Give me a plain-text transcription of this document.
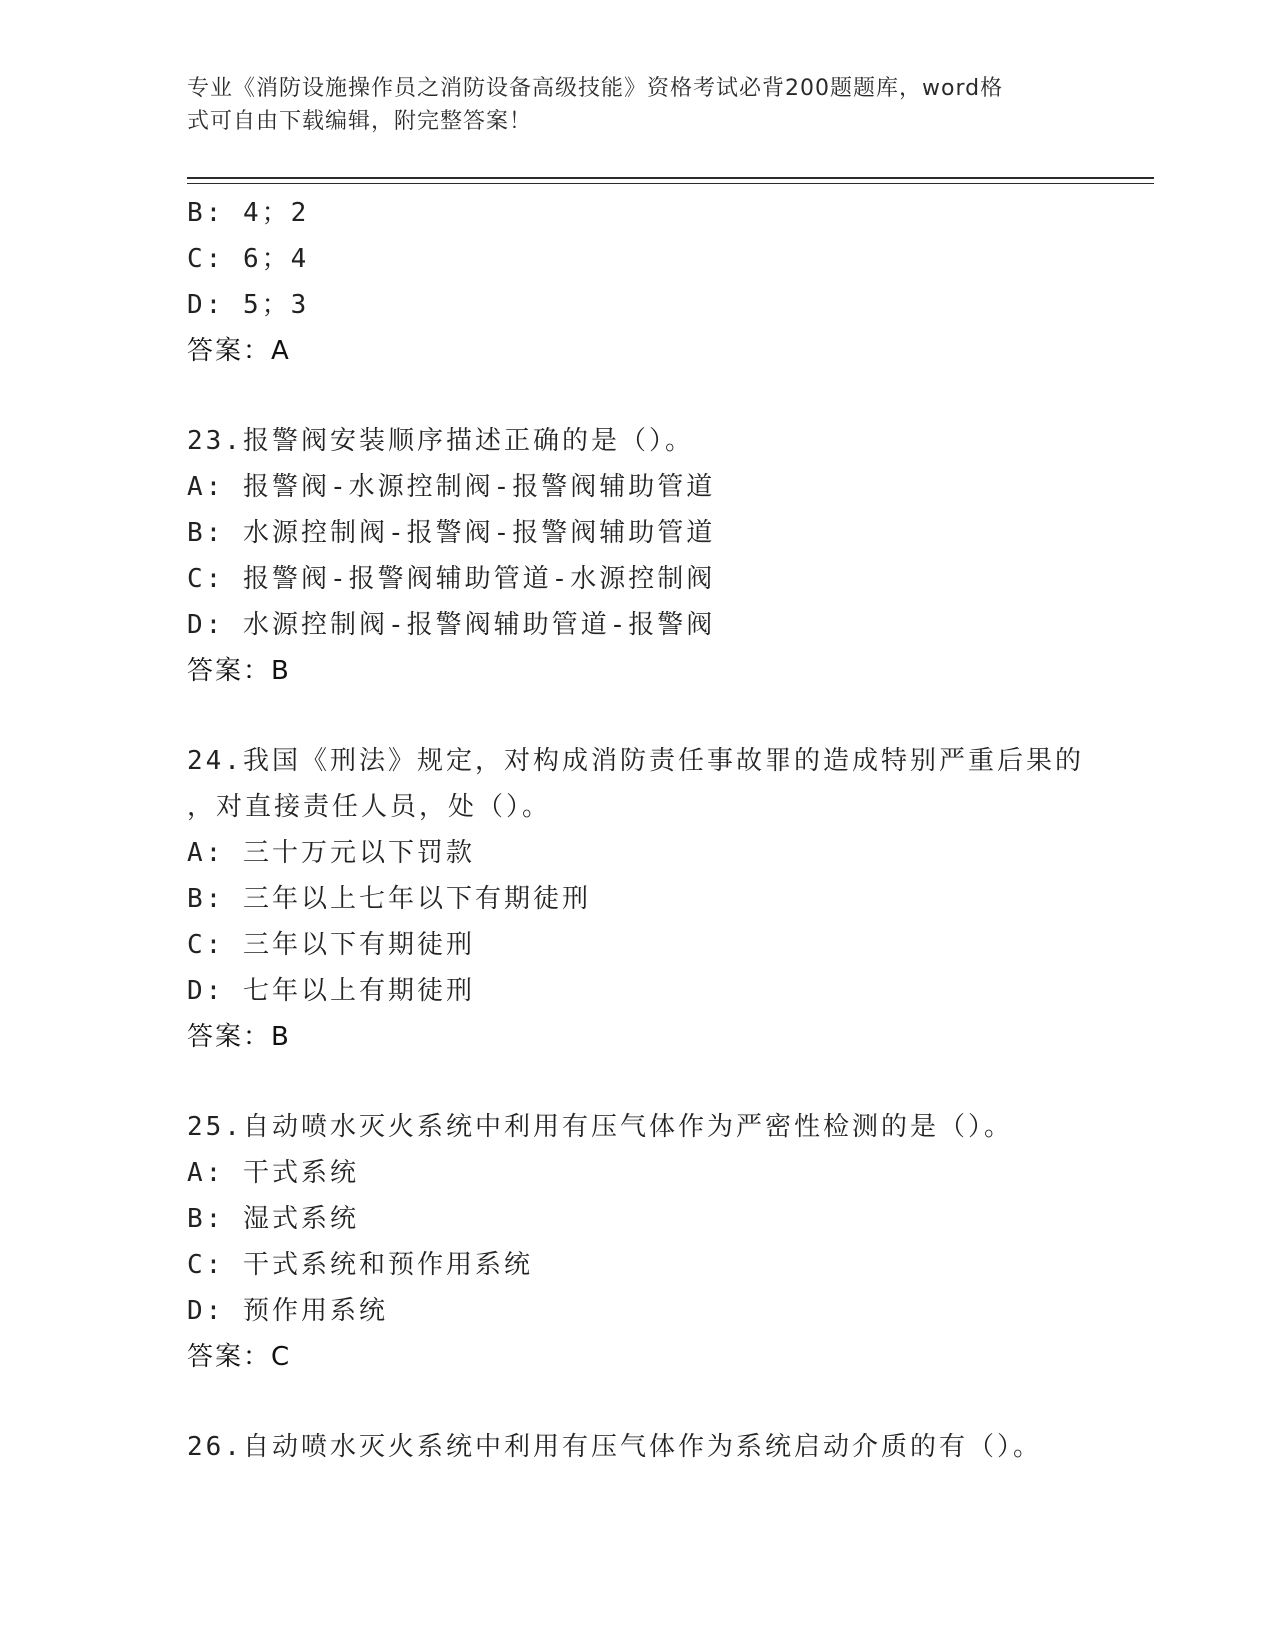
专业《消防设施操作员之消防设备高级技能》资格考试必背200题题库，word格
式可自由下载编辑，附完整答案！
B: 4；2
C: 6；4
D: 5；3
答案：A
23.报警阀安装顺序描述正确的是（）。
A: 报警阀-水源控制阀-报警阀辅助管道
B: 水源控制阀-报警阀-报警阀辅助管道
C: 报警阀-报警阀辅助管道-水源控制阀
D: 水源控制阀-报警阀辅助管道-报警阀
答案：B
24.我国《刑法》规定，对构成消防责任事故罪的造成特别严重后果的
，对直接责任人员，处（）。
A: 三十万元以下罚款
B: 三年以上七年以下有期徒刑
C: 三年以下有期徒刑
D: 七年以上有期徒刑
答案：B
25.自动喷水灭火系统中利用有压气体作为严密性检测的是（）。
A: 干式系统
B: 湿式系统
C: 干式系统和预作用系统
D: 预作用系统
答案：C
26.自动喷水灭火系统中利用有压气体作为系统启动介质的有（）。
